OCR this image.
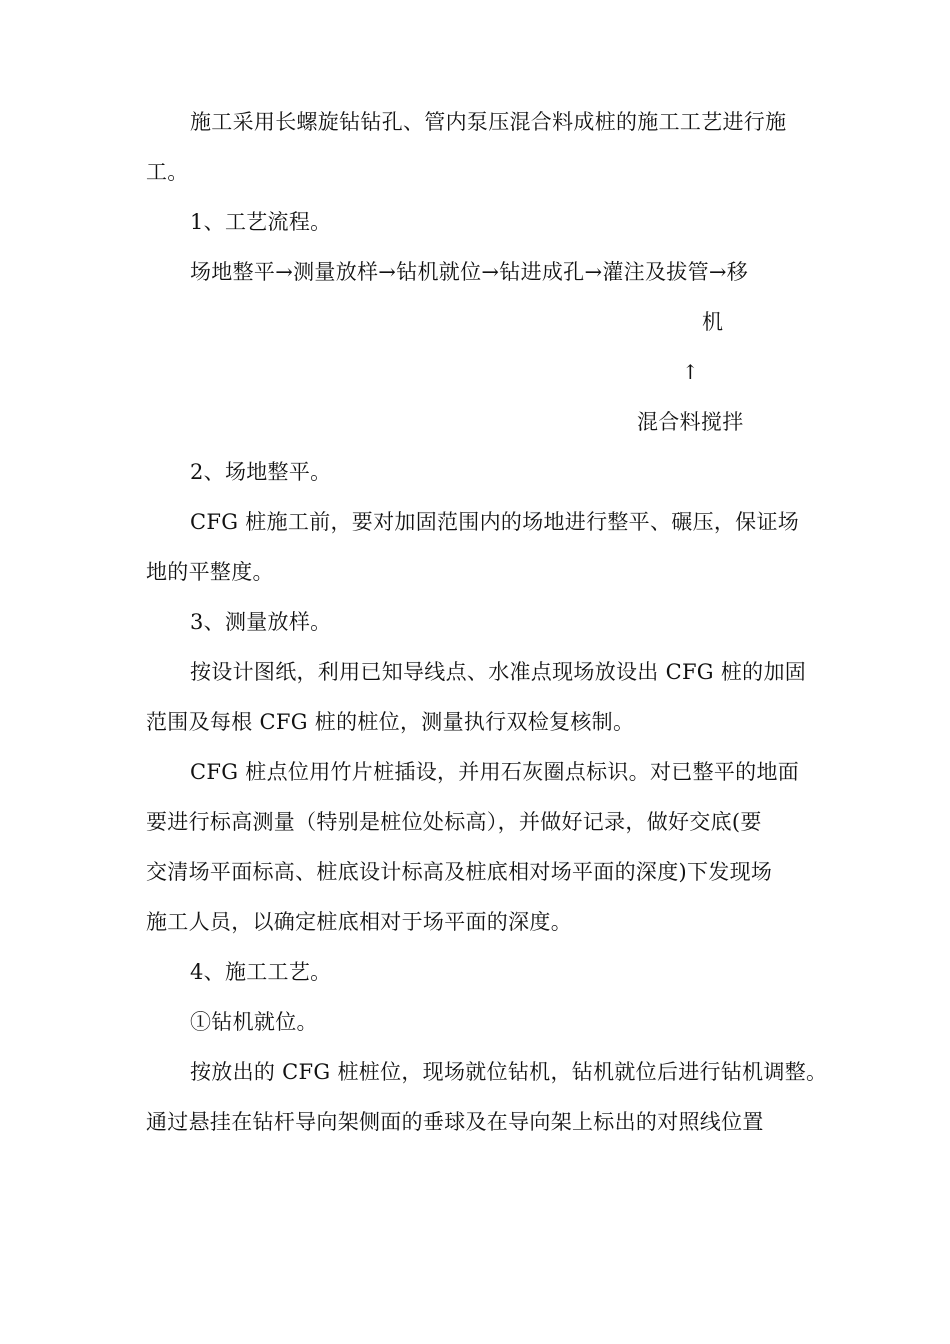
施工采用长螺旋钻钻孔、管内泵压混合料成桩的施工工艺进行施
工。
1、工艺流程。
场地整平→测量放样→钻机就位→钻进成孔→灌注及拔管→移
机
↑
混合料搅拌
2、场地整平。
CFG 桩施工前，要对加固范围内的场地进行整平、碾压，保证场
地的平整度。
3、测量放样。
按设计图纸，利用已知导线点、水准点现场放设出 CFG 桩的加固
范围及每根 CFG 桩的桩位，测量执行双检复核制。
CFG 桩点位用竹片桩插设，并用石灰圈点标识。对已整平的地面
要进行标高测量（特别是桩位处标高），并做好记录，做好交底(要
交清场平面标高、桩底设计标高及桩底相对场平面的深度)下发现场
施工人员，以确定桩底相对于场平面的深度。
4、施工工艺。
①钻机就位。
按放出的 CFG 桩桩位，现场就位钻机，钻机就位后进行钻机调整。
通过悬挂在钻杆导向架侧面的垂球及在导向架上标出的对照线位置
